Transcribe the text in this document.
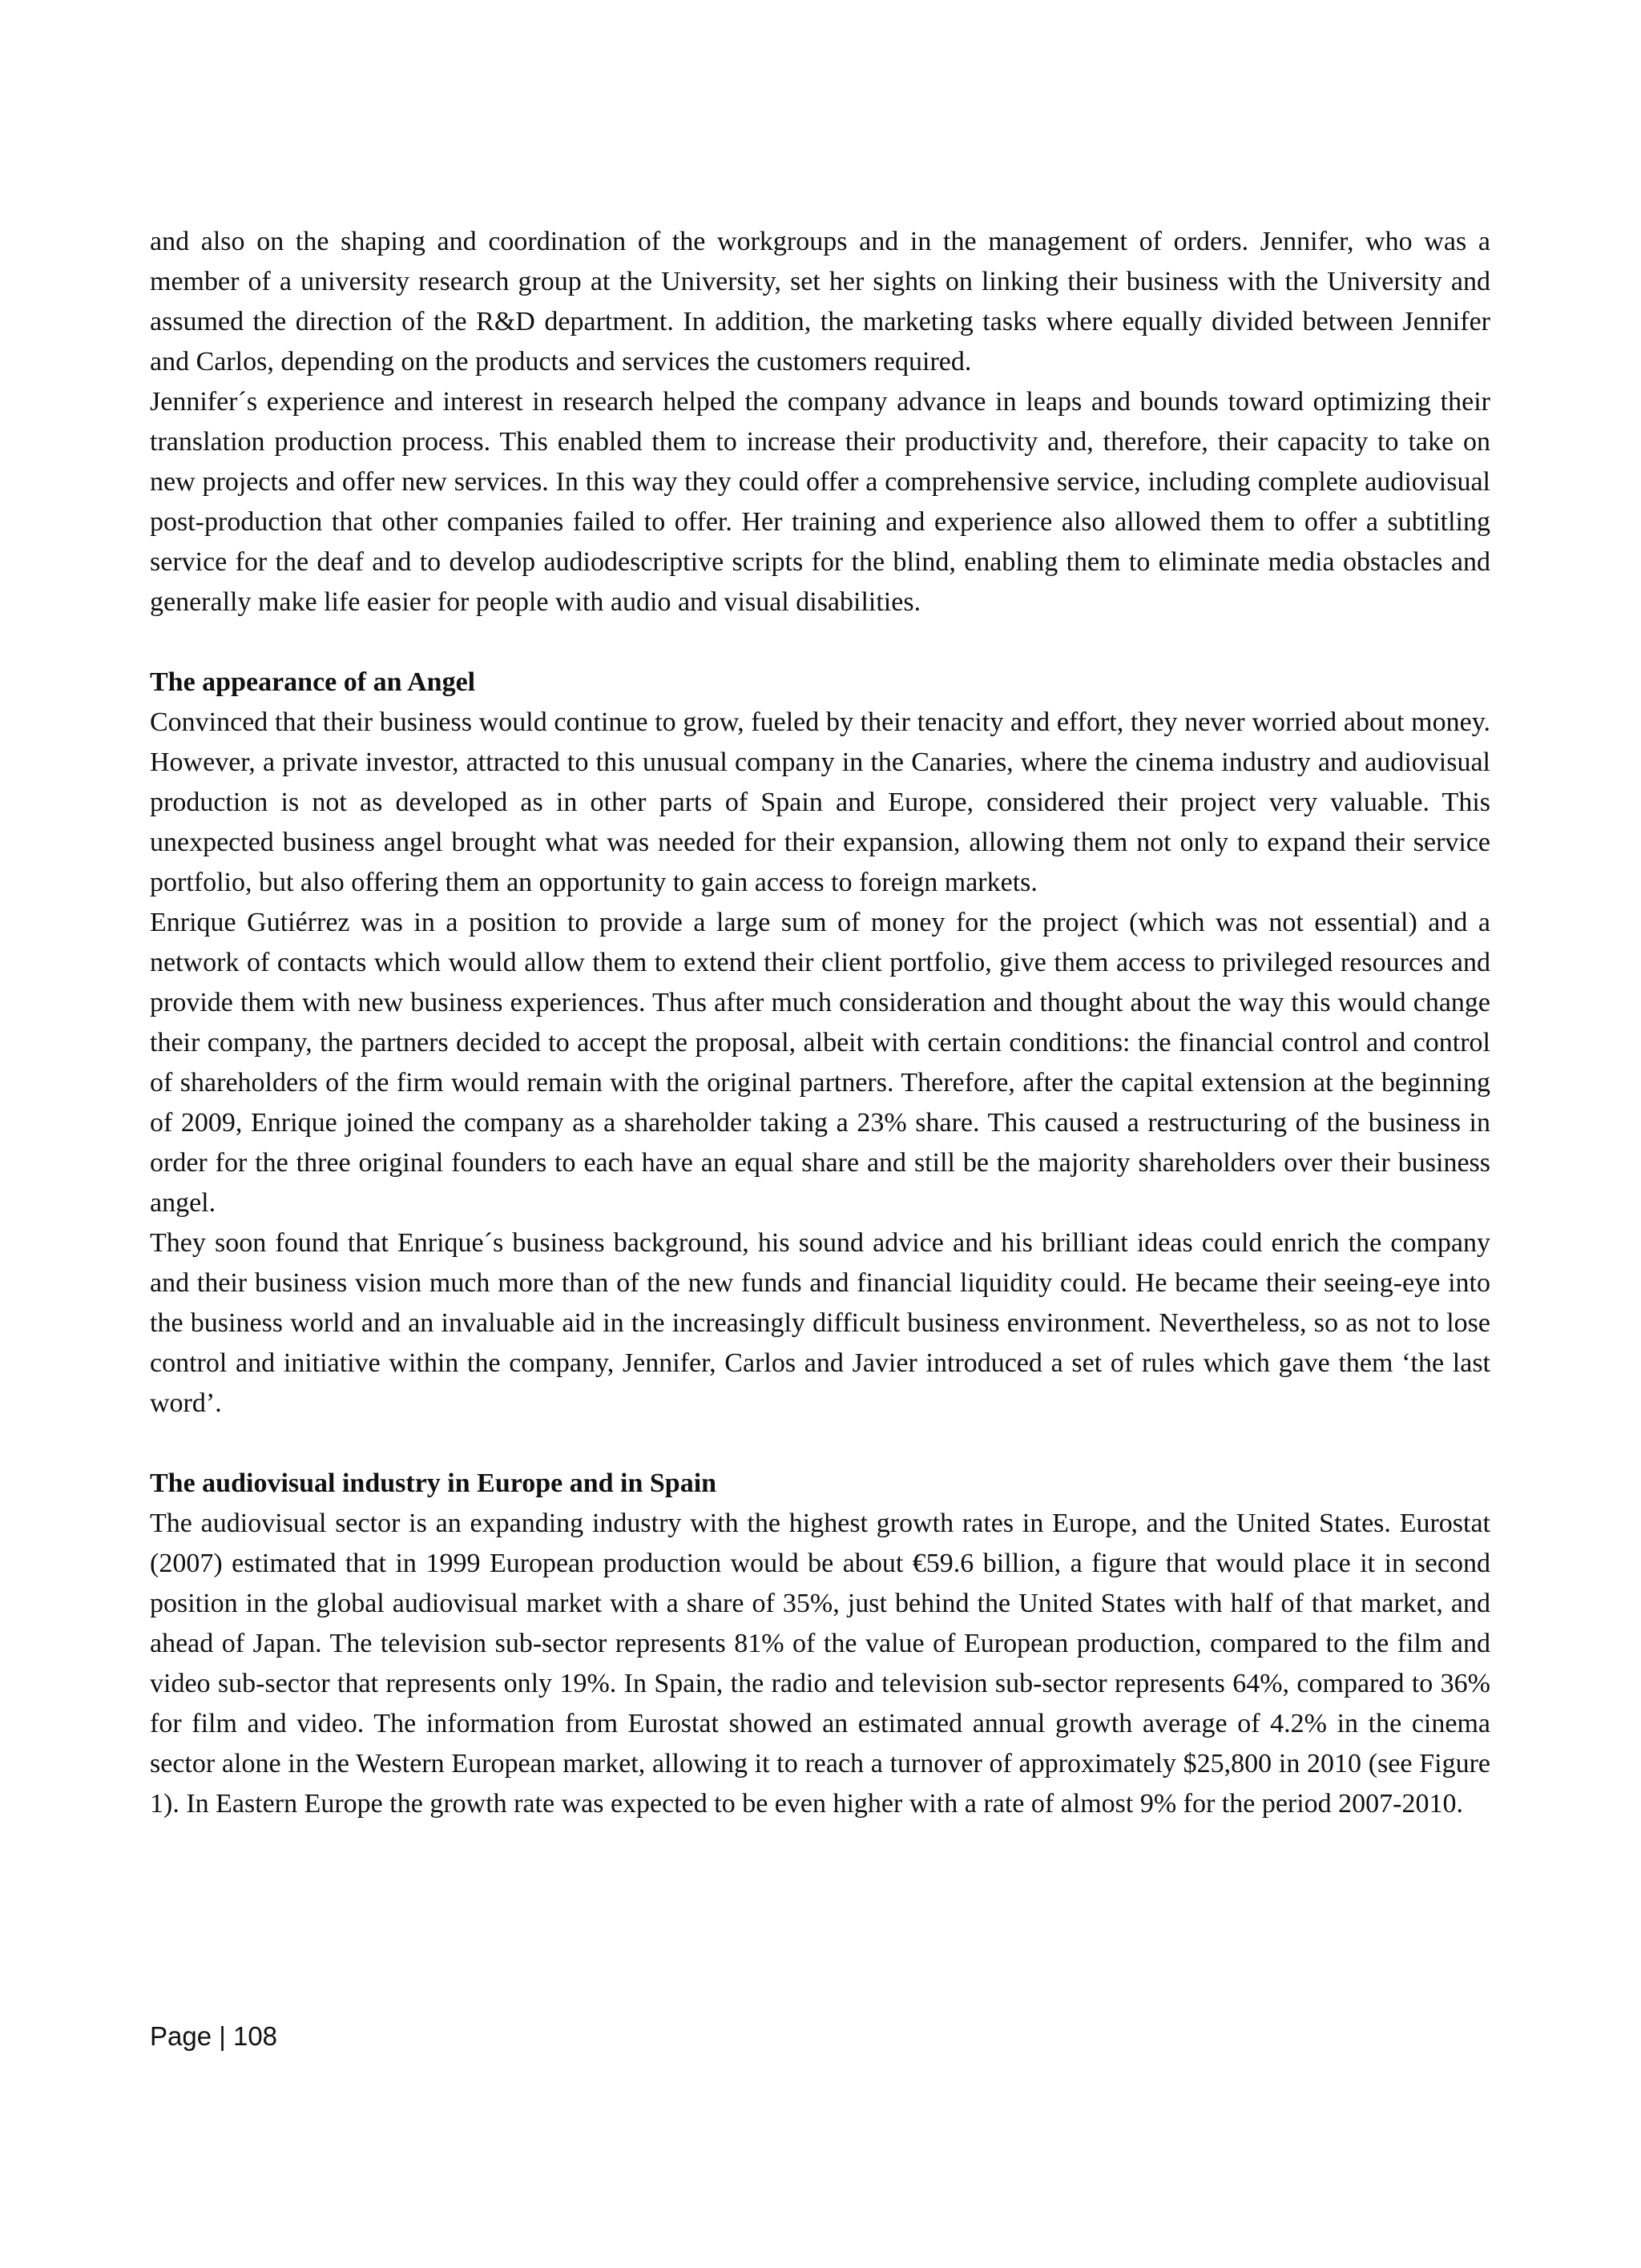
and also on the shaping and coordination of the workgroups and in the management of orders. Jennifer, who was a member of a university research group at the University, set her sights on linking their business with the University and assumed the direction of the R&D department. In addition, the marketing tasks where equally divided between Jennifer and Carlos, depending on the products and services the customers required.

Jennifer´s experience and interest in research helped the company advance in leaps and bounds toward optimizing their translation production process. This enabled them to increase their productivity and, therefore, their capacity to take on new projects and offer new services. In this way they could offer a comprehensive service, including complete audiovisual post-production that other companies failed to offer. Her training and experience also allowed them to offer a subtitling service for the deaf and to develop audiodescriptive scripts for the blind, enabling them to eliminate media obstacles and generally make life easier for people with audio and visual disabilities.

The appearance of an Angel

Convinced that their business would continue to grow, fueled by their tenacity and effort, they never worried about money. However, a private investor, attracted to this unusual company in the Canaries, where the cinema industry and audiovisual production is not as developed as in other parts of Spain and Europe, considered their project very valuable. This unexpected business angel brought what was needed for their expansion, allowing them not only to expand their service portfolio, but also offering them an opportunity to gain access to foreign markets.

Enrique Gutiérrez was in a position to provide a large sum of money for the project (which was not essential) and a network of contacts which would allow them to extend their client portfolio, give them access to privileged resources and provide them with new business experiences. Thus after much consideration and thought about the way this would change their company, the partners decided to accept the proposal, albeit with certain conditions: the financial control and control of shareholders of the firm would remain with the original partners. Therefore, after the capital extension at the beginning of 2009, Enrique joined the company as a shareholder taking a 23% share. This caused a restructuring of the business in order for the three original founders to each have an equal share and still be the majority shareholders over their business angel.

They soon found that Enrique´s business background, his sound advice and his brilliant ideas could enrich the company and their business vision much more than of the new funds and financial liquidity could. He became their seeing-eye into the business world and an invaluable aid in the increasingly difficult business environment. Nevertheless, so as not to lose control and initiative within the company, Jennifer, Carlos and Javier introduced a set of rules which gave them ‘the last word’.

The audiovisual industry in Europe and in Spain

The audiovisual sector is an expanding industry with the highest growth rates in Europe, and the United States. Eurostat (2007) estimated that in 1999 European production would be about €59.6 billion, a figure that would place it in second position in the global audiovisual market with a share of 35%, just behind the United States with half of that market, and ahead of Japan. The television sub-sector represents 81% of the value of European production, compared to the film and video sub-sector that represents only 19%. In Spain, the radio and television sub-sector represents 64%, compared to 36% for film and video. The information from Eurostat showed an estimated annual growth average of 4.2% in the cinema sector alone in the Western European market, allowing it to reach a turnover of approximately $25,800 in 2010 (see Figure 1). In Eastern Europe the growth rate was expected to be even higher with a rate of almost 9% for the period 2007-2010.

Page | 108
